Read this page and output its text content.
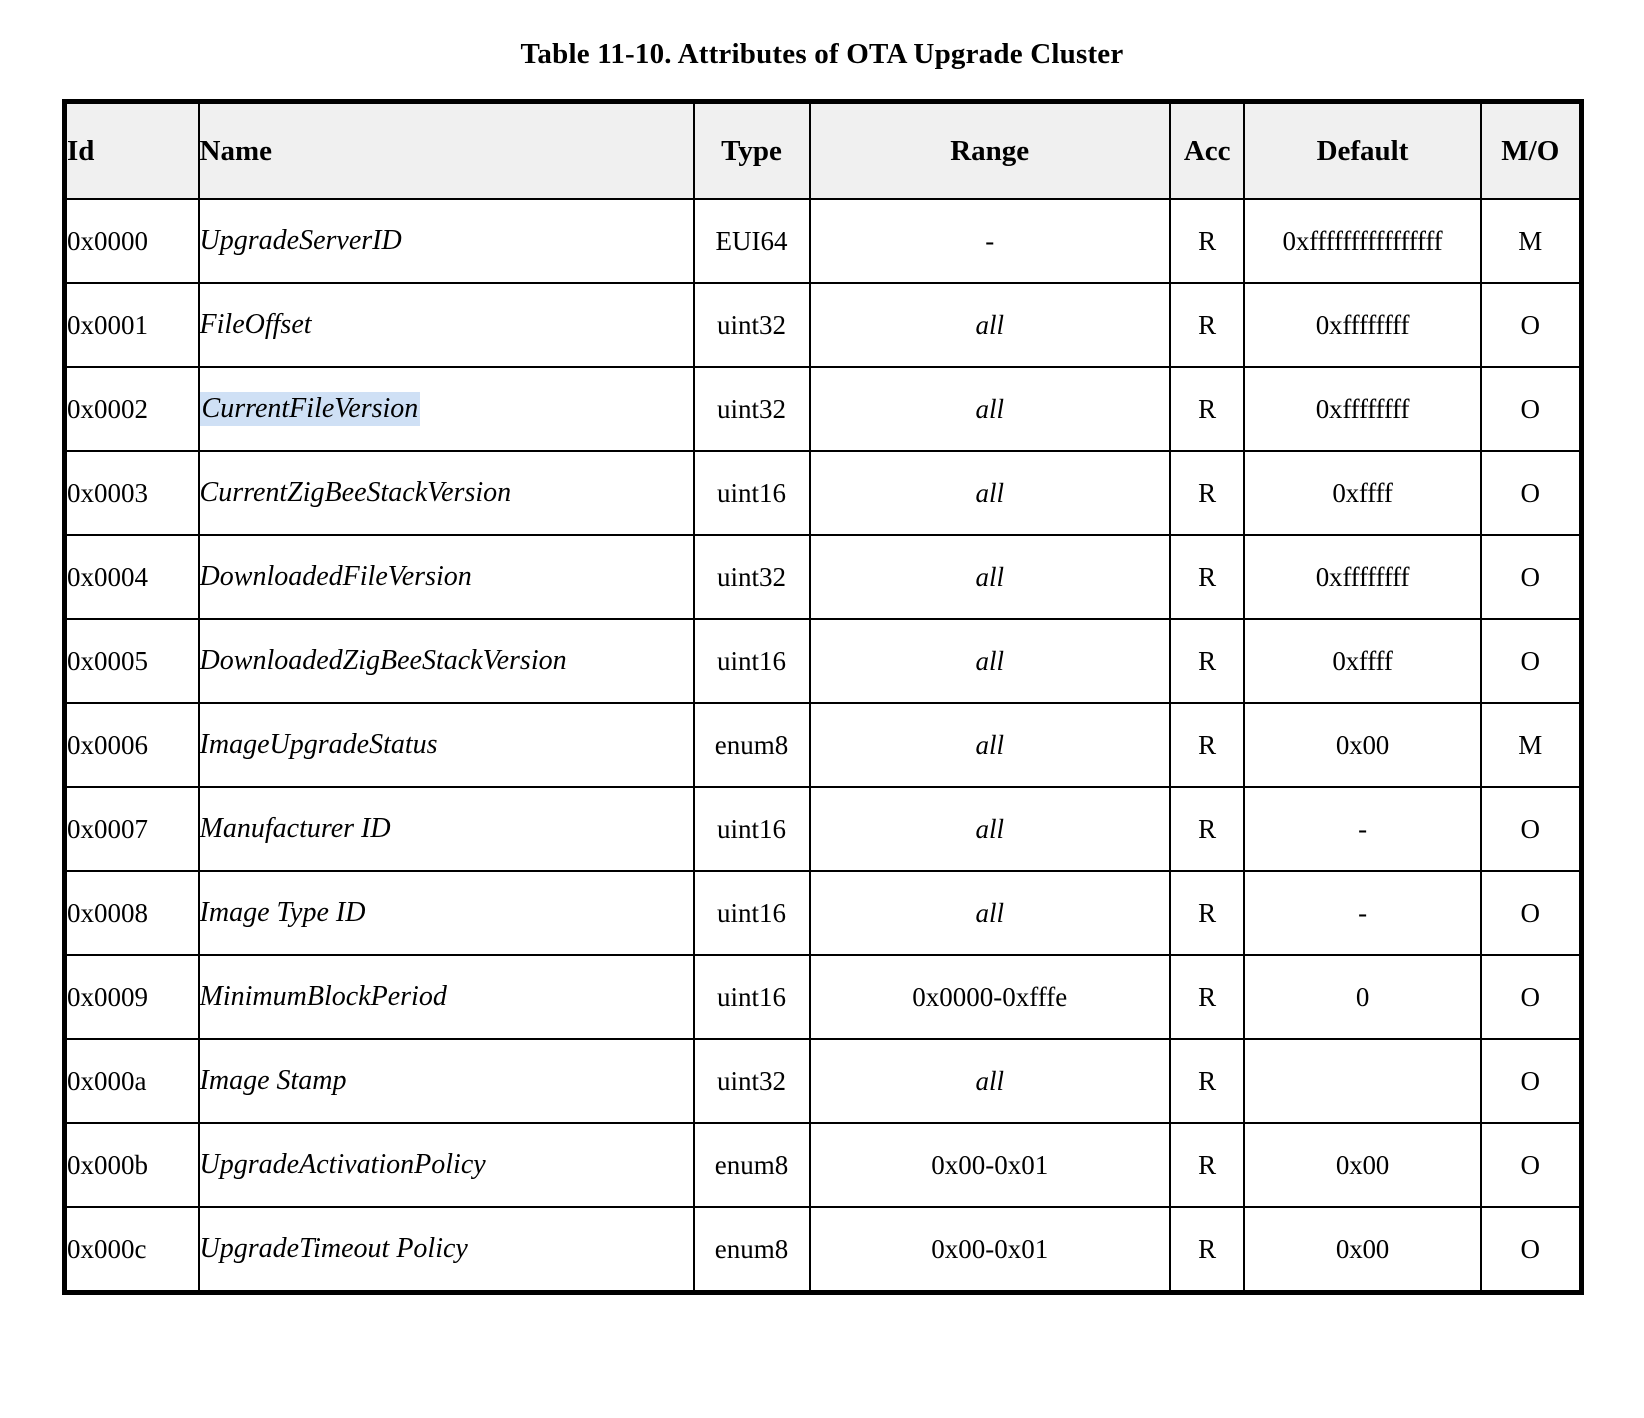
Table 11-10. Attributes of OTA Upgrade Cluster
Id	Name	Type	Range	Acc	Default	M/O
0x0000	UpgradeServerID	EUI64	-	R	0xffffffffffffffff	M
0x0001	FileOffset	uint32	all	R	0xffffffff	O
0x0002	CurrentFileVersion	uint32	all	R	0xffffffff	O
0x0003	CurrentZigBeeStackVersion	uint16	all	R	0xffff	O
0x0004	DownloadedFileVersion	uint32	all	R	0xffffffff	O
0x0005	DownloadedZigBeeStackVersion	uint16	all	R	0xffff	O
0x0006	ImageUpgradeStatus	enum8	all	R	0x00	M
0x0007	Manufacturer ID	uint16	all	R	-	O
0x0008	Image Type ID	uint16	all	R	-	O
0x0009	MinimumBlockPeriod	uint16	0x0000-0xfffe	R	0	O
0x000a	Image Stamp	uint32	all	R		O
0x000b	UpgradeActivationPolicy	enum8	0x00-0x01	R	0x00	O
0x000c	UpgradeTimeout Policy	enum8	0x00-0x01	R	0x00	O
